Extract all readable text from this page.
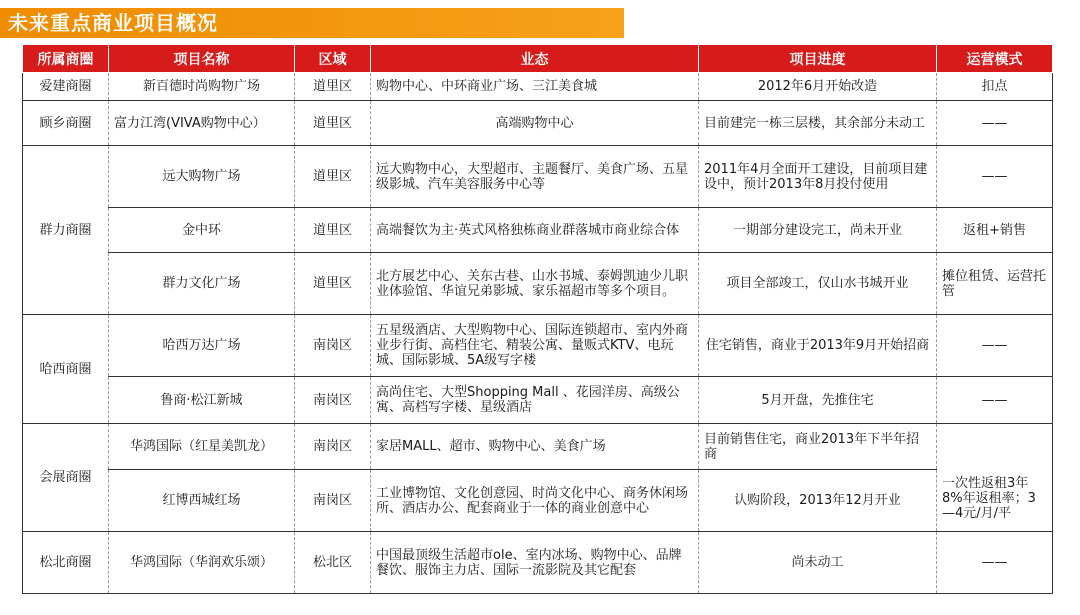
未来重点商业项目概况
所属商圈	项目名称	区域	业态	项目进度	运营模式
爱建商圈	新百德时尚购物广场	道里区	购物中心、中环商业广场、三江美食城	2012年6月开始改造	扣点
顾乡商圈	富力江湾(VIVA购物中心）	道里区	高端购物中心	目前建完一栋三层楼，其余部分未动工	——
群力商圈	远大购物广场	道里区	远大购物中心，大型超市、主题餐厅、美食广场、五星级影城、汽车美容服务中心等	2011年4月全面开工建设，目前项目建设中，预计2013年8月投付使用	——
	金中环	道里区	高端餐饮为主·英式风格独栋商业群落城市商业综合体	一期部分建设完工，尚未开业	返租+销售
	群力文化广场	道里区	北方展艺中心、关东古巷、山水书城、泰姆凯迪少儿职业体验馆、华谊兄弟影城、家乐福超市等多个项目。	项目全部竣工，仅山水书城开业	摊位租赁、运营托管
哈西商圈	哈西万达广场	南岗区	五星级酒店、大型购物中心、国际连锁超市、室内外商业步行街、高档住宅、精装公寓、量贩式KTV、电玩城、国际影城、5A级写字楼	住宅销售，商业于2013年9月开始招商	——
	鲁商·松江新城	南岗区	高尚住宅、大型Shopping Mall 、花园洋房、高级公寓、高档写字楼、星级酒店	5月开盘，先推住宅	——
会展商圈	华鸿国际（红星美凯龙）	南岗区	家居MALL、超市、购物中心、美食广场	目前销售住宅，商业2013年下半年招商	一次性返租3年8%年返租率；3—4元/月/平
	红博西城红场	南岗区	工业博物馆、文化创意园、时尚文化中心、商务休闲场所、酒店办公、配套商业于一体的商业创意中心	认购阶段，2013年12月开业	
松北商圈	华鸿国际（华润欢乐颂）	松北区	中国最顶级生活超市ole、室内冰场、购物中心、品牌餐饮、服饰主力店、国际一流影院及其它配套	尚未动工	——
